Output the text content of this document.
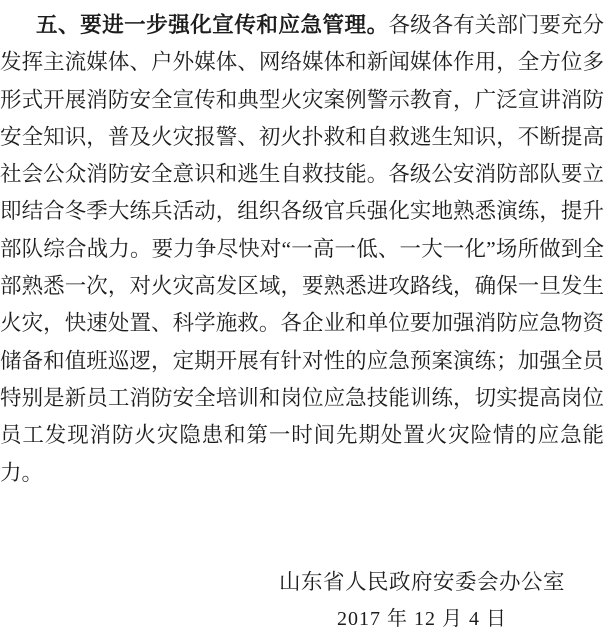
五、要进一步强化宣传和应急管理。各级各有关部门要充分发挥主流媒体、户外媒体、网络媒体和新闻媒体作用，全方位多形式开展消防安全宣传和典型火灾案例警示教育，广泛宣讲消防安全知识，普及火灾报警、初火扑救和自救逃生知识，不断提高社会公众消防安全意识和逃生自救技能。各级公安消防部队要立即结合冬季大练兵活动，组织各级官兵强化实地熟悉演练，提升部队综合战力。要力争尽快对“一高一低、一大一化”场所做到全部熟悉一次，对火灾高发区域，要熟悉进攻路线，确保一旦发生火灾，快速处置、科学施救。各企业和单位要加强消防应急物资储备和值班巡逻，定期开展有针对性的应急预案演练；加强全员特别是新员工消防安全培训和岗位应急技能训练，切实提高岗位员工发现消防火灾隐患和第一时间先期处置火灾险情的应急能力。

山东省人民政府安委会办公室
2017 年 12 月 4 日
